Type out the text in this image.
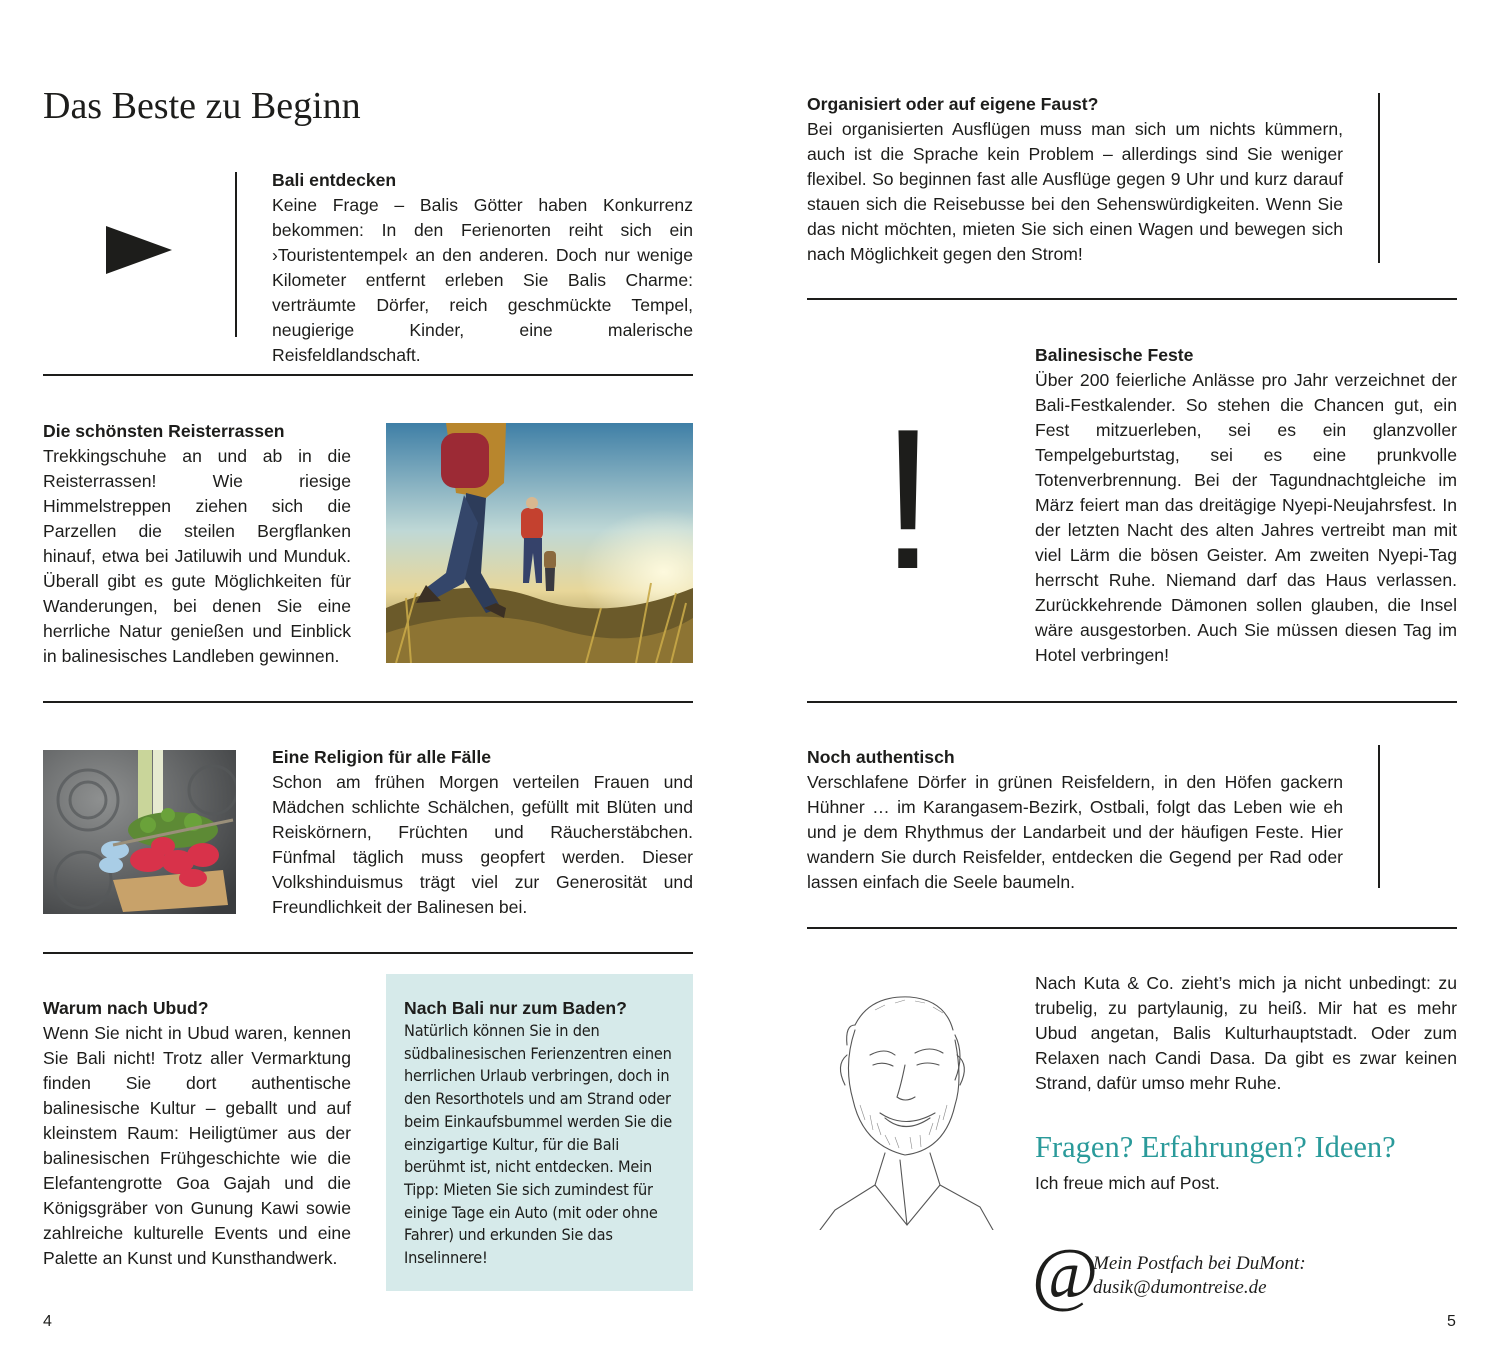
Das Beste zu Beginn

Bali entdecken

Keine Frage – Balis Götter haben Konkurrenz bekommen: In den Ferienorten reiht sich ein ›Touristentempel‹ an den anderen. Doch nur wenige Kilometer entfernt erleben Sie Balis Charme: verträumte Dörfer, reich geschmückte Tempel, neugierige Kinder, eine malerische Reisfeldlandschaft.

Die schönsten Reisterrassen

Trekkingschuhe an und ab in die Reisterrassen! Wie riesige Himmelstreppen ziehen sich die Parzellen die steilen Bergflanken hinauf, etwa bei Jatiluwih und Munduk. Überall gibt es gute Möglichkeiten für Wanderungen, bei denen Sie eine herrliche Natur genießen und Einblick in balinesisches Landleben gewinnen.

Eine Religion für alle Fälle

Schon am frühen Morgen verteilen Frauen und Mädchen schlichte Schälchen, gefüllt mit Blüten und Reiskörnern, Früchten und Räucherstäbchen. Fünfmal täglich muss geopfert werden. Dieser Volkshinduismus trägt viel zur Generosität und Freundlichkeit der Balinesen bei.

Warum nach Ubud?

Wenn Sie nicht in Ubud waren, kennen Sie Bali nicht! Trotz aller Vermarktung finden Sie dort authentische balinesische Kultur – geballt und auf kleinstem Raum: Heiligtümer aus der balinesischen Frühgeschichte wie die Elefantengrotte Goa Gajah und die Königsgräber von Gunung Kawi sowie zahlreiche kulturelle Events und eine Palette an Kunst und Kunsthandwerk.

Nach Bali nur zum Baden?

Natürlich können Sie in den südbalinesischen Ferienzentren einen herrlichen Urlaub verbringen, doch in den Resorthotels und am Strand oder beim Einkaufsbummel werden Sie die einzigartige Kultur, für die Bali berühmt ist, nicht entdecken. Mein Tipp: Mieten Sie sich zumindest für einige Tage ein Auto (mit oder ohne Fahrer) und erkunden Sie das Inselinnere!

4

Organisiert oder auf eigene Faust?

Bei organisierten Ausflügen muss man sich um nichts kümmern, auch ist die Sprache kein Problem – allerdings sind Sie weniger flexibel. So beginnen fast alle Ausflüge gegen 9 Uhr und kurz darauf stauen sich die Reisebusse bei den Sehenswürdigkeiten. Wenn Sie das nicht möchten, mieten Sie sich einen Wagen und bewegen sich nach Möglichkeit gegen den Strom!

!

Balinesische Feste

Über 200 feierliche Anlässe pro Jahr verzeichnet der Bali-Festkalender. So stehen die Chancen gut, ein Fest mitzuerleben, sei es ein glanzvoller Tempelgeburtstag, sei es eine prunkvolle Totenverbrennung. Bei der Tagundnachtgleiche im März feiert man das dreitägige Nyepi-Neujahrsfest. In der letzten Nacht des alten Jahres vertreibt man mit viel Lärm die bösen Geister. Am zweiten Nyepi-Tag herrscht Ruhe. Niemand darf das Haus verlassen. Zurückkehrende Dämonen sollen glauben, die Insel wäre ausgestorben. Auch Sie müssen diesen Tag im Hotel verbringen!

Noch authentisch

Verschlafene Dörfer in grünen Reisfeldern, in den Höfen gackern Hühner … im Karangasem-Bezirk, Ostbali, folgt das Leben wie eh und je dem Rhythmus der Landarbeit und der häufigen Feste. Hier wandern Sie durch Reisfelder, entdecken die Gegend per Rad oder lassen einfach die Seele baumeln.

Nach Kuta & Co. zieht’s mich ja nicht unbedingt: zu trubelig, zu partylaunig, zu heiß. Mir hat es mehr Ubud angetan, Balis Kulturhauptstadt. Oder zum Relaxen nach Candi Dasa. Da gibt es zwar keinen Strand, dafür umso mehr Ruhe.

Fragen? Erfahrungen? Ideen?
Ich freue mich auf Post.
@
Mein Postfach bei DuMont:
dusik@dumontreise.de
5
